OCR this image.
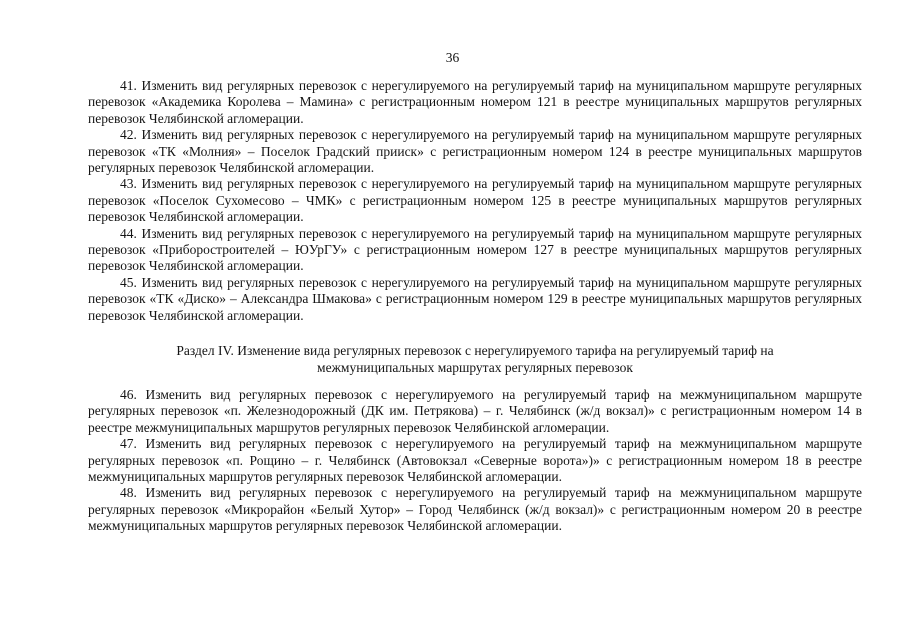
36

41. Изменить вид регулярных перевозок с нерегулируемого на регулируемый тариф на муниципальном маршруте регулярных перевозок «Академика Королева – Мамина» с регистрационным номером 121 в реестре муниципальных маршрутов регулярных перевозок Челябинской агломерации.

42. Изменить вид регулярных перевозок с нерегулируемого на регулируемый тариф на муниципальном маршруте регулярных перевозок «ТК «Молния» – Поселок Градский прииск» с регистрационным номером 124 в реестре муниципальных маршрутов регулярных перевозок Челябинской агломерации.

43. Изменить вид регулярных перевозок с нерегулируемого на регулируемый тариф на муниципальном маршруте регулярных перевозок «Поселок Сухомесово – ЧМК» с регистрационным номером 125 в реестре муниципальных маршрутов регулярных перевозок Челябинской агломерации.

44. Изменить вид регулярных перевозок с нерегулируемого на регулируемый тариф на муниципальном маршруте регулярных перевозок «Приборостроителей – ЮУрГУ» с регистрационным номером 127 в реестре муниципальных маршрутов регулярных перевозок Челябинской агломерации.

45. Изменить вид регулярных перевозок с нерегулируемого на регулируемый тариф на муниципальном маршруте регулярных перевозок «ТК «Диско» – Александра Шмакова» с регистрационным номером 129 в реестре муниципальных маршрутов регулярных перевозок Челябинской агломерации.

Раздел IV. Изменение вида регулярных перевозок с нерегулируемого тарифа на регулируемый тариф на
межмуниципальных маршрутах регулярных перевозок

46. Изменить вид регулярных перевозок с нерегулируемого на регулируемый тариф на межмуниципальном маршруте регулярных перевозок «п. Железнодорожный (ДК им. Петрякова) – г. Челябинск (ж/д вокзал)» с регистрационным номером 14 в реестре межмуниципальных маршрутов регулярных перевозок Челябинской агломерации.

47. Изменить вид регулярных перевозок с нерегулируемого на регулируемый тариф на межмуниципальном маршруте регулярных перевозок «п. Рощино – г. Челябинск (Автовокзал «Северные ворота»)» с регистрационным номером 18 в реестре межмуниципальных маршрутов регулярных перевозок Челябинской агломерации.

48. Изменить вид регулярных перевозок с нерегулируемого на регулируемый тариф на межмуниципальном маршруте регулярных перевозок «Микрорайон «Белый Хутор» – Город Челябинск (ж/д вокзал)» с регистрационным номером 20 в реестре межмуниципальных маршрутов регулярных перевозок Челябинской агломерации.
